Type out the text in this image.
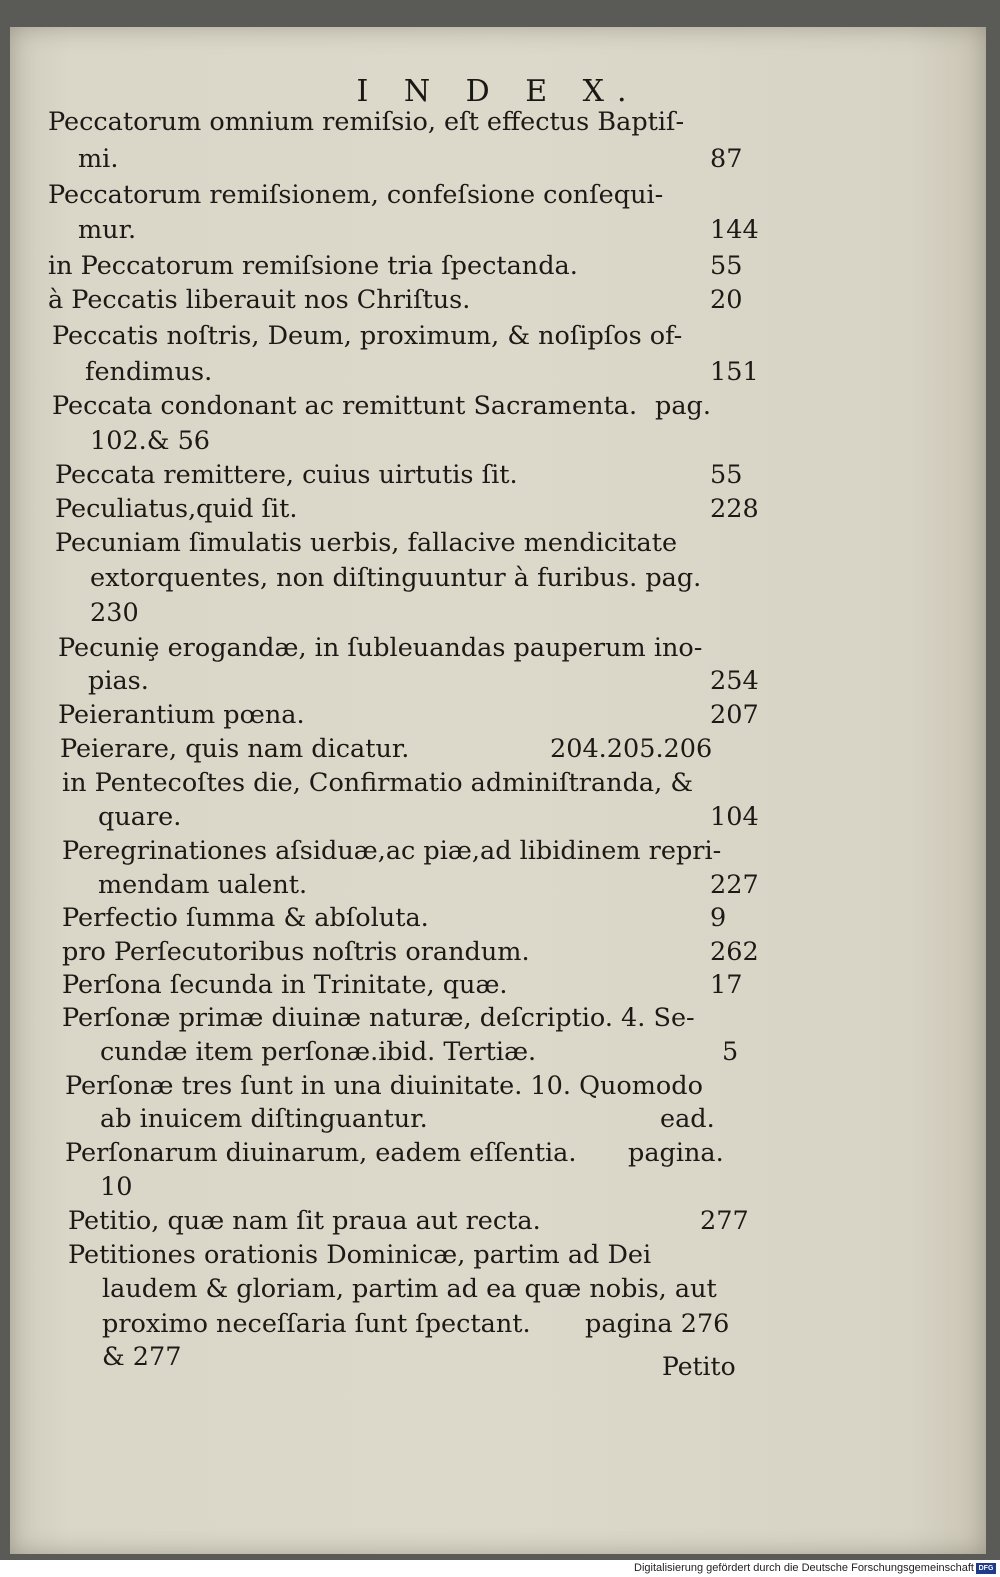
I N D E X.
Peccatorum omnium remiſsio, eſt effectus Baptiſ-
mi.	87
Peccatorum remiſsionem, confeſsione conſequi-
mur.	144
in Peccatorum remiſsione tria ſpectanda.	55
à Peccatis liberauit nos Chriſtus.	20
Peccatis noſtris, Deum, proximum, & noſipſos of-
fendimus.	151
Peccata condonant ac remittunt Sacramenta. pag.
102.& 56
Peccata remittere, cuius uirtutis ſit.	55
Peculiatus,quid ſit.	228
Pecuniam ſimulatis uerbis, fallacive mendicitate
extorquentes, non diſtinguuntur à furibus. pag.
230
Pecuniȩ erogandæ, in ſubleuandas pauperum ino-
pias.	254
Peierantium pœna.	207
Peierare, quis nam dicatur.	204.205.206
in Pentecoſtes die, Confirmatio adminiſtranda, &
quare.	104
Peregrinationes aſsiduæ,ac piæ,ad libidinem repri-
mendam ualent.	227
Perfectio ſumma & abſoluta.	9
pro Perſecutoribus noſtris orandum.	262
Perſona ſecunda in Trinitate, quæ.	17
Perſonæ primæ diuinæ naturæ, deſcriptio. 4. Se-
cundæ item perſonæ.ibid. Tertiæ.	5
Perſonæ tres ſunt in una diuinitate. 10. Quomodo
ab inuicem diſtinguantur.	ead.
Perſonarum diuinarum, eadem eſſentia. pagina.
10
Petitio, quæ nam ſit praua aut recta.	277
Petitiones orationis Dominicæ, partim ad Dei
laudem & gloriam, partim ad ea quæ nobis, aut
proximo neceſſaria ſunt ſpectant. pagina 276
& 277	Petito
Digitalisierung gefördert durch die Deutsche Forschungsgemeinschaft DFG
